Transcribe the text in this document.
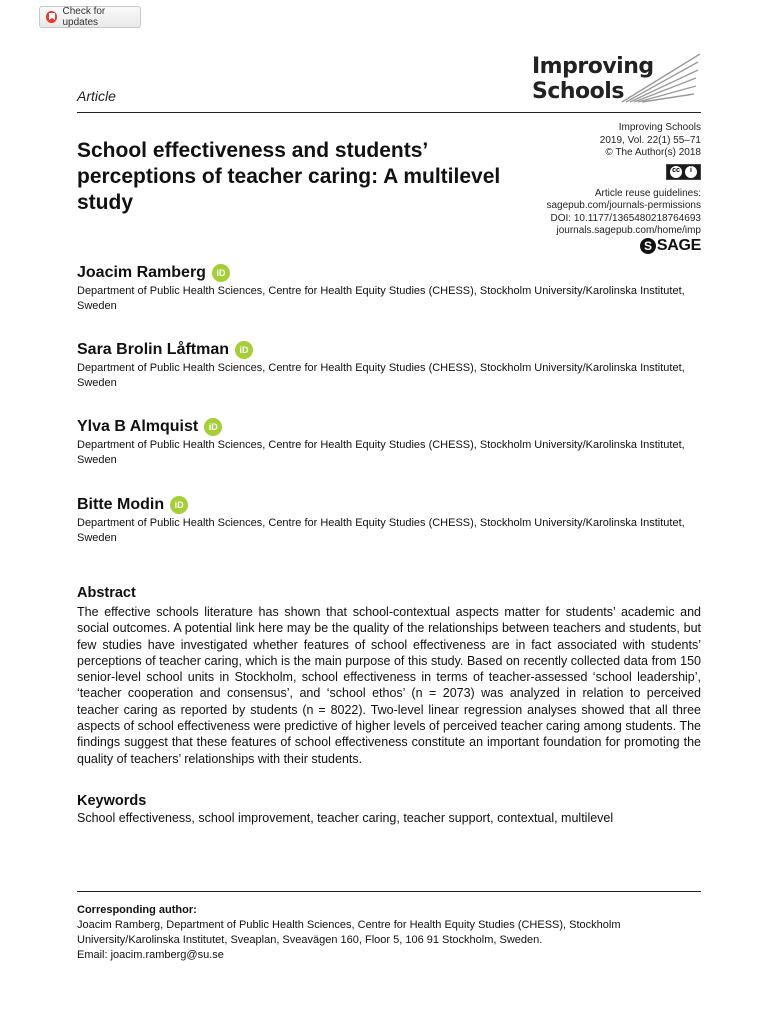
Check for updates
Improving
Schools
Article
Improving Schools
2019, Vol. 22(1) 55–71
© The Author(s) 2018
cc	i
Article reuse guidelines:
sagepub.com/journals-permissions
DOI: 10.1177/1365480218764693
journals.sagepub.com/home/imp
S SAGE
School effectiveness and students’ perceptions of teacher caring: A multilevel study
Joacim Ramberg	iD
Department of Public Health Sciences, Centre for Health Equity Studies (CHESS), Stockholm University/Karolinska Institutet, Sweden
Sara Brolin Låftman	iD
Department of Public Health Sciences, Centre for Health Equity Studies (CHESS), Stockholm University/Karolinska Institutet, Sweden
Ylva B Almquist	iD
Department of Public Health Sciences, Centre for Health Equity Studies (CHESS), Stockholm University/Karolinska Institutet, Sweden
Bitte Modin	iD
Department of Public Health Sciences, Centre for Health Equity Studies (CHESS), Stockholm University/Karolinska Institutet, Sweden
Abstract

The effective schools literature has shown that school-contextual aspects matter for students’ academic and social outcomes. A potential link here may be the quality of the relationships between teachers and students, but few studies have investigated whether features of school effectiveness are in fact associated with students’ perceptions of teacher caring, which is the main purpose of this study. Based on recently collected data from 150 senior-level school units in Stockholm, school effectiveness in terms of teacher-assessed ‘school leadership’, ‘teacher cooperation and consensus’, and ‘school ethos’ (n = 2073) was analyzed in relation to perceived teacher caring as reported by students (n = 8022). Two-level linear regression analyses showed that all three aspects of school effectiveness were predictive of higher levels of perceived teacher caring among students. The findings suggest that these features of school effectiveness constitute an important foundation for promoting the quality of teachers’ relationships with their students.

Keywords

School effectiveness, school improvement, teacher caring, teacher support, contextual, multilevel

Corresponding author:
Joacim Ramberg, Department of Public Health Sciences, Centre for Health Equity Studies (CHESS), Stockholm University/Karolinska Institutet, Sveaplan, Sveavägen 160, Floor 5, 106 91 Stockholm, Sweden.
Email: joacim.ramberg@su.se
